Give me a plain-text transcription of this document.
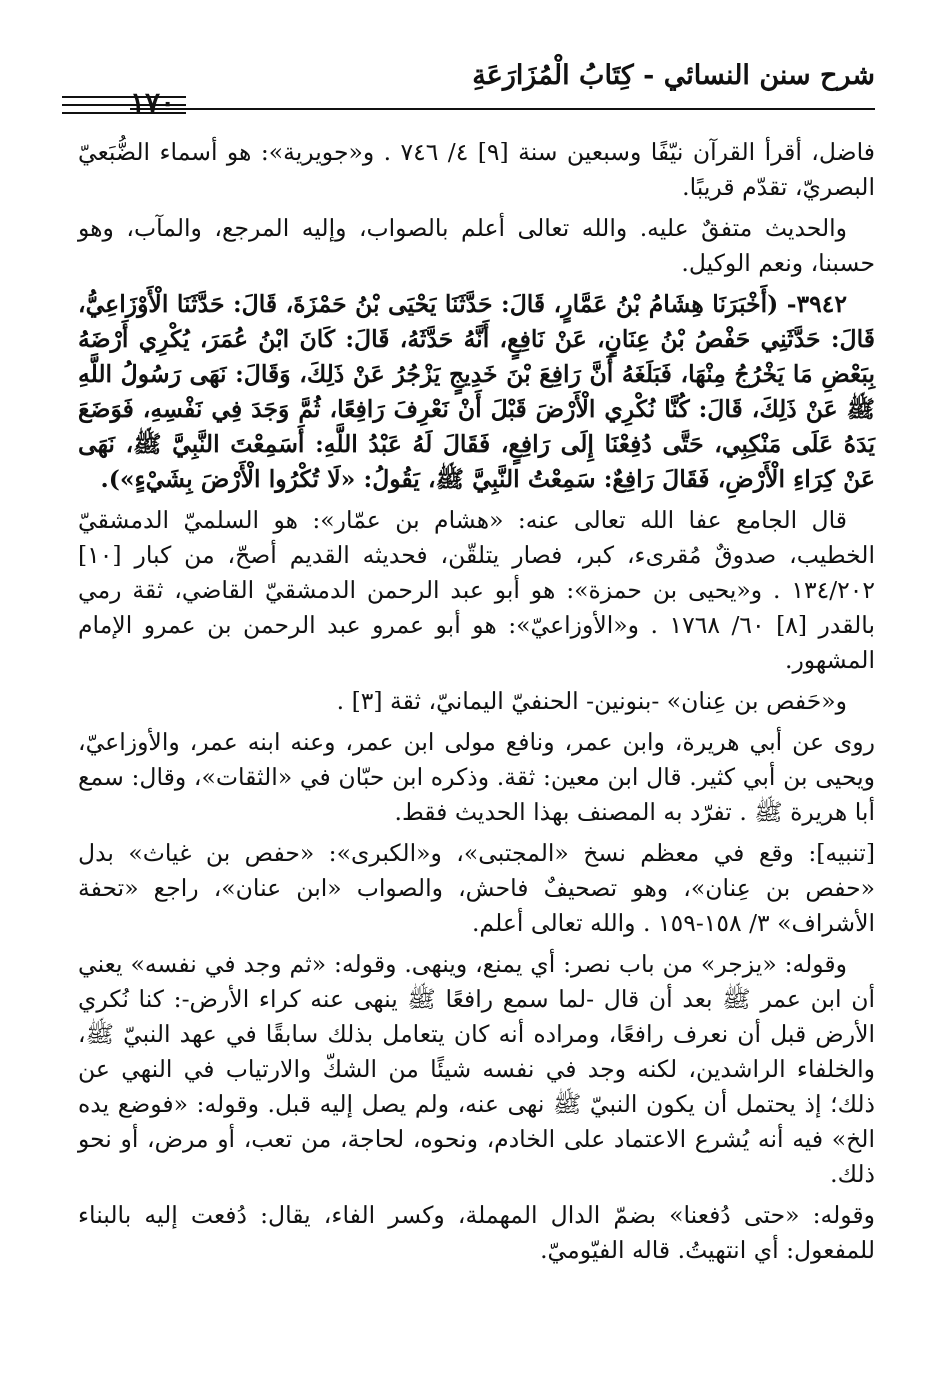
شرح سنن النسائي - كِتَابُ الْمُزَارَعَةِ
١٧٠

فاضل، أقرأ القرآن نيّفًا وسبعين سنة [٩] ٤/ ٧٤٦ . و«جويرية»: هو أسماء الضُّبَعيّ البصريّ، تقدّم قريبًا.

والحديث متفقٌ عليه. والله تعالى أعلم بالصواب، وإليه المرجع، والمآب، وهو حسبنا، ونعم الوكيل.

٣٩٤٢- (أَخْبَرَنَا هِشَامُ بْنُ عَمَّارٍ، قَالَ: حَدَّثَنَا يَحْيَى بْنُ حَمْزَةَ، قَالَ: حَدَّثَنَا الْأَوْزَاعِيُّ، قَالَ: حَدَّثَنِي حَفْصُ بْنُ عِنَانٍ، عَنْ نَافِعٍ، أَنَّهُ حَدَّثَهُ، قَالَ: كَانَ ابْنُ عُمَرَ، يُكْرِي أَرْضَهُ بِبَعْضِ مَا يَخْرُجُ مِنْهَا، فَبَلَغَهُ أَنَّ رَافِعَ بْنَ خَدِيجٍ يَزْجُرُ عَنْ ذَلِكَ، وَقَالَ: نَهَى رَسُولُ اللَّهِ ﷺ عَنْ ذَلِكَ، قَالَ: كُنَّا نُكْرِي الْأَرْضَ قَبْلَ أَنْ نَعْرِفَ رَافِعًا، ثُمَّ وَجَدَ فِي نَفْسِهِ، فَوَضَعَ يَدَهُ عَلَى مَنْكِبِي، حَتَّى دُفِعْنَا إِلَى رَافِعٍ، فَقَالَ لَهُ عَبْدُ اللَّهِ: أَسَمِعْتَ النَّبِيَّ ﷺ، نَهَى عَنْ كِرَاءِ الْأَرْضِ، فَقَالَ رَافِعٌ: سَمِعْتُ النَّبِيَّ ﷺ، يَقُولُ: «لَا تُكْرُوا الْأَرْضَ بِشَيْءٍ»).

قال الجامع عفا الله تعالى عنه: «هشام بن عمّار»: هو السلميّ الدمشقيّ الخطيب، صدوقٌ مُقرىء، كبر، فصار يتلقّن، فحديثه القديم أصحّ، من كبار [١٠] ١٣٤/٢٠٢ . و«يحيى بن حمزة»: هو أبو عبد الرحمن الدمشقيّ القاضي، ثقة رمي بالقدر [٨] ٦٠/ ١٧٦٨ . و«الأوزاعيّ»: هو أبو عمرو عبد الرحمن بن عمرو الإمام المشهور.

و«حَفص بن عِنان» -بنونين- الحنفيّ اليمانيّ، ثقة [٣] .

روى عن أبي هريرة، وابن عمر، ونافع مولى ابن عمر، وعنه ابنه عمر، والأوزاعيّ، ويحيى بن أبي كثير. قال ابن معين: ثقة. وذكره ابن حبّان في «الثقات»، وقال: سمع أبا هريرة ﷺ . تفرّد به المصنف بهذا الحديث فقط.

[تنبيه]: وقع في معظم نسخ «المجتبى»، و«الكبرى»: «حفص بن غياث» بدل «حفص بن عِنان»، وهو تصحيفٌ فاحش، والصواب «ابن عنان»، راجع «تحفة الأشراف» ٣/ ١٥٨-١٥٩ . والله تعالى أعلم.

وقوله: «يزجر» من باب نصر: أي يمنع، وينهى. وقوله: «ثم وجد في نفسه» يعني أن ابن عمر ﷺ بعد أن قال -لما سمع رافعًا ﷺ ينهى عنه كراء الأرض-: كنا نُكري الأرض قبل أن نعرف رافعًا، ومراده أنه كان يتعامل بذلك سابقًا في عهد النبيّ ﷺ، والخلفاء الراشدين، لكنه وجد في نفسه شيئًا من الشكّ والارتياب في النهي عن ذلك؛ إذ يحتمل أن يكون النبيّ ﷺ نهى عنه، ولم يصل إليه قبل. وقوله: «فوضع يده الخ» فيه أنه يُشرع الاعتماد على الخادم، ونحوه، لحاجة، من تعب، أو مرض، أو نحو ذلك.

وقوله: «حتى دُفعنا» بضمّ الدال المهملة، وكسر الفاء، يقال: دُفعت إليه بالبناء للمفعول: أي انتهيتُ. قاله الفيّوميّ.
